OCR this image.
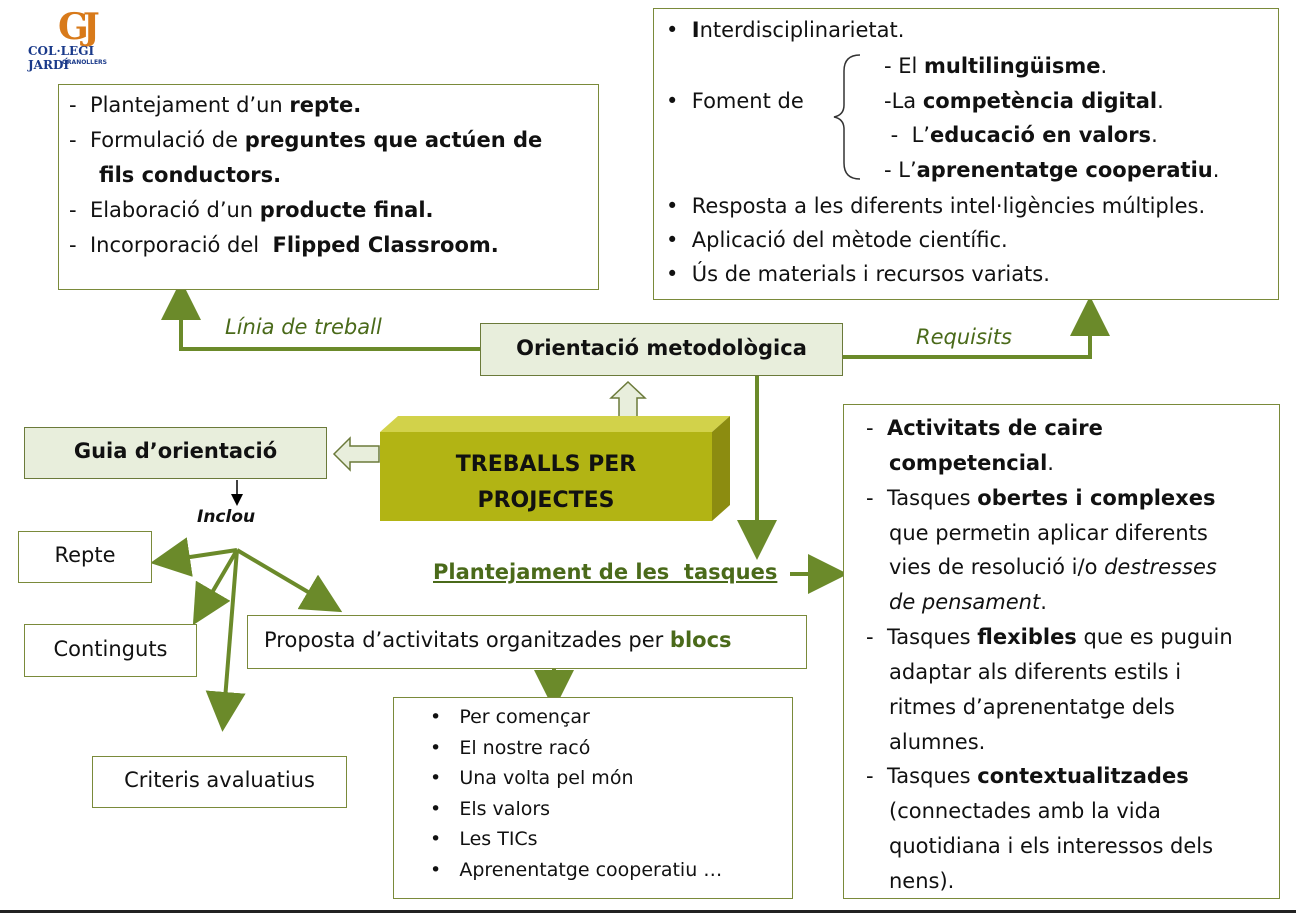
GJ
COL·LEGI JARDÍ
GRANOLLERS
-  Plantejament d’un repte.
-  Formulació de preguntes que actúen de
fils conductors.
-  Elaboració d’un producte final.
-  Incorporació del  Flipped Classroom.
•  Interdisciplinarietat.
•  Foment de
- El multilingüisme.
-La competència digital.
-  L’educació en valors.
- L’aprenentatge cooperatiu.
•  Resposta a les diferents intel·ligències múltiples.
•  Aplicació del mètode científic.
•  Ús de materials i recursos variats.
Línia de treball	Requisits
Orientació metodològica
Guia d’orientació
TREBALLS PER
PROJECTES
Inclou
Repte
Continguts
Criteris avaluatius
Proposta d’activitats organitzades per blocs
•   Per començar
•   El nostre racó
•   Una volta pel món
•   Els valors
•   Les TICs
•   Aprenentatge cooperatiu …
Plantejament de les  tasques
-  Activitats de caire
competencial.
-  Tasques obertes i complexes
que permetin aplicar diferents
vies de resolució i/o destresses
de pensament.
-  Tasques flexibles que es puguin
adaptar als diferents estils i
ritmes d’aprenentatge dels
alumnes.
-  Tasques contextualitzades
(connectades amb la vida
quotidiana i els interessos dels
nens).
